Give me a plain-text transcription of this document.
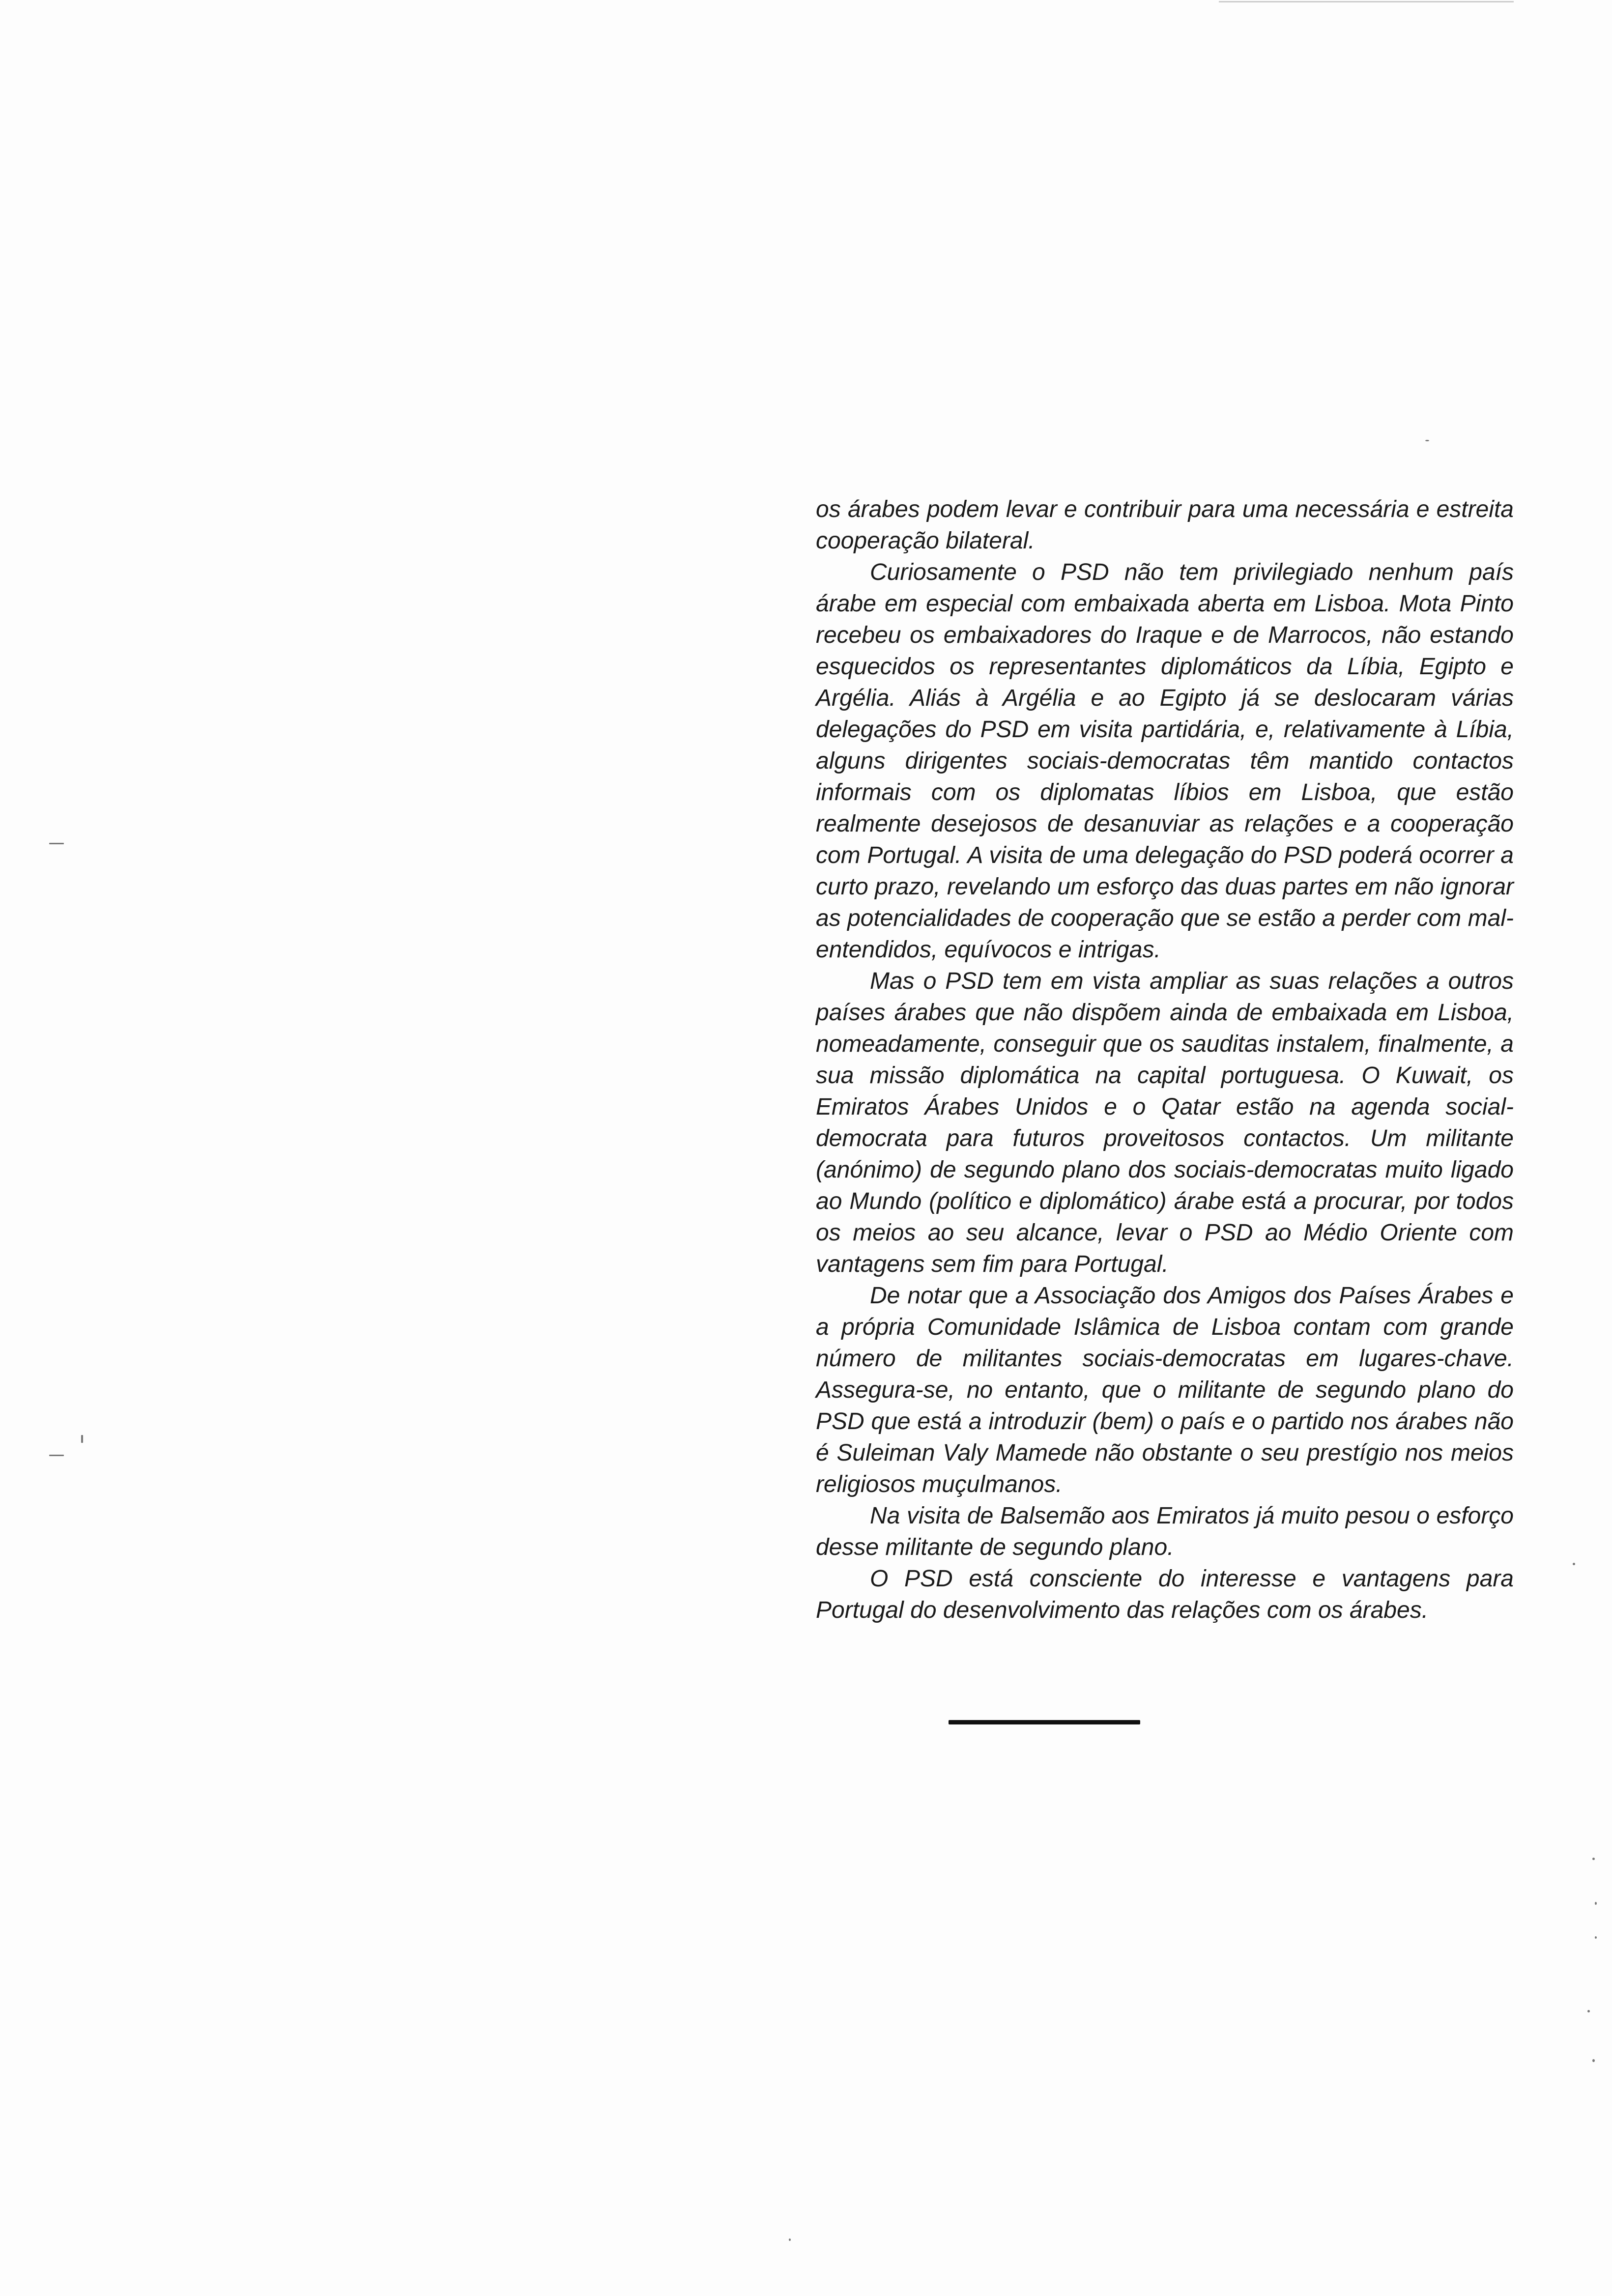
os árabes podem levar e contribuir para uma necessária e estreita cooperação bilateral.

Curiosamente o PSD não tem privilegiado nenhum país árabe em especial com embaixada aberta em Lisboa. Mota Pinto recebeu os embaixadores do Iraque e de Marrocos, não estando esquecidos os representantes diplomáticos da Líbia, Egipto e Argélia. Aliás à Argélia e ao Egipto já se deslocaram várias delegações do PSD em visita partidária, e, relativamente à Líbia, alguns dirigentes sociais-democratas têm mantido contactos informais com os diplomatas líbios em Lisboa, que estão realmente desejosos de desanuviar as relações e a cooperação com Portugal. A visita de uma delegação do PSD poderá ocorrer a curto prazo, revelando um esforço das duas partes em não ignorar as potencialidades de cooperação que se estão a perder com mal-entendidos, equívocos e intrigas.

Mas o PSD tem em vista ampliar as suas relações a outros países árabes que não dispõem ainda de embaixada em Lisboa, nomeadamente, conseguir que os sauditas instalem, finalmente, a sua missão diplomática na capital portuguesa. O Kuwait, os Emiratos Árabes Unidos e o Qatar estão na agenda social-democrata para futuros proveitosos contactos. Um militante (anónimo) de segundo plano dos sociais-democratas muito ligado ao Mundo (político e diplomático) árabe está a procurar, por todos os meios ao seu alcance, levar o PSD ao Médio Oriente com vantagens sem fim para Portugal.

De notar que a Associação dos Amigos dos Países Árabes e a própria Comunidade Islâmica de Lisboa contam com grande número de militantes sociais-democratas em lugares-chave. Assegura-se, no entanto, que o militante de segundo plano do PSD que está a introduzir (bem) o país e o partido nos árabes não é Suleiman Valy Mamede não obstante o seu prestígio nos meios religiosos muçulmanos.

Na visita de Balsemão aos Emiratos já muito pesou o esforço desse militante de segundo plano.

O PSD está consciente do interesse e vantagens para Portugal do desenvolvimento das relações com os árabes.
